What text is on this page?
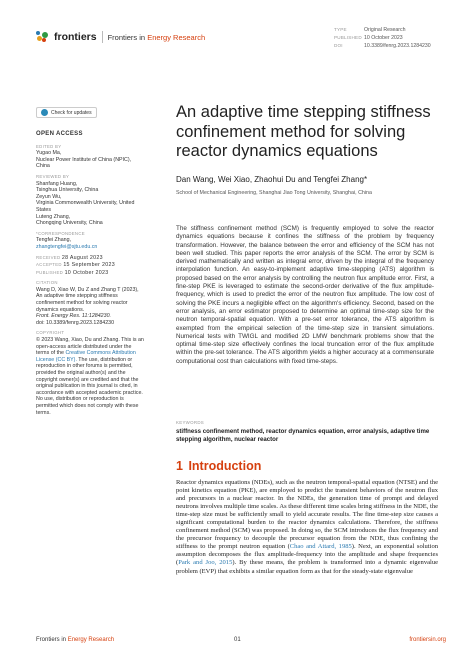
frontiers Frontiers in Energy Research
TYPE	Original Research
PUBLISHED 10 October 2023
DOI	10.3389/fenrg.2023.1284230
Check for updates
OPEN ACCESS
EDITED BY
Yugao Ma,
Nuclear Power Institute of China (NPIC), China
REVIEWED BY
Shanfang Huang,
Tsinghua University, China
Zeyun Wu,
Virginia Commonwealth University, United States
Luteng Zhang,
Chongqing University, China
*CORRESPONDENCE
Tengfei Zhang,
zhangtengfei@sjtu.edu.cn
RECEIVED 28 August 2023
ACCEPTED 15 September 2023
PUBLISHED 10 October 2023
CITATION
Wang D, Xiao W, Du Z and Zhang T (2023), An adaptive time stepping stiffness confinement method for solving reactor dynamics equations.
Front. Energy Res. 11:1284230.
doi: 10.3389/fenrg.2023.1284230
COPYRIGHT
© 2023 Wang, Xiao, Du and Zhang. This is an open-access article distributed under the terms of the Creative Commons Attribution License (CC BY). The use, distribution or reproduction in other forums is permitted, provided the original author(s) and the copyright owner(s) are credited and that the original publication in this journal is cited, in accordance with accepted academic practice. No use, distribution or reproduction is permitted which does not comply with these terms.
An adaptive time stepping stiffness confinement method for solving reactor dynamics equations
Dan Wang, Wei Xiao, Zhaohui Du and Tengfei Zhang*
School of Mechanical Engineering, Shanghai Jiao Tong University, Shanghai, China

The stiffness confinement method (SCM) is frequently employed to solve the reactor dynamics equations because it confines the stiffness of the problem by frequency transformation. However, the balance between the error and efficiency of the SCM has not been well studied. This paper reports the error analysis of the SCM. The error by SCM is derived mathematically and written as integral error, driven by the integral of the frequency interpolation function. An easy-to-implement adaptive time-stepping (ATS) algorithm is proposed based on the error analysis by controlling the neutron flux amplitude error. First, a fine-step PKE is leveraged to estimate the second-order derivative of the flux amplitude-frequency, which is used to predict the error of the neutron flux amplitude. The low cost of solving the PKE incurs a negligible effect on the algorithm's efficiency. Second, based on the error analysis, an error estimator proposed to determine an optimal time-step size for the neutron temporal-spatial equation. With a pre-set error tolerance, the ATS algorithm is exempted from the empirical selection of the time-step size in transient simulations. Numerical tests with TWIGL and modified 2D LMW benchmark problems show that the optimal time-step size effectively confines the local truncation error of the flux amplitude within the pre-set tolerance. The ATS algorithm yields a higher accuracy at a commensurate computational cost than calculations with fixed time-steps.

KEYWORDS
stiffness confinement method, reactor dynamics equation, error analysis, adaptive time stepping algorithm, nuclear reactor
1 Introduction

Reactor dynamics equations (NDEs), such as the neutron temporal-spatial equation (NTSE) and the point kinetics equation (PKE), are employed to predict the transient behaviors of the neutron flux and precursors in a nuclear reactor. In the NDEs, the generation time of prompt and delayed neutrons involves multiple time scales. As these different time scales bring stiffness in the NDE, the time-step size must be sufficiently small to yield accurate results. The fine time-step size causes a significant computational burden to the reactor dynamics calculations. Therefore, the stiffness confinement method (SCM) was proposed. In doing so, the SCM introduces the flux frequency and the precursor frequency to decouple the precursor equation from the NDE, thus confining the stiffness to the prompt neutron equation (Chao and Attard, 1985). Next, an exponential solution assumption decomposes the flux amplitude-frequency into the amplitude and shape frequencies (Park and Joo, 2015). By these means, the problem is transformed into a dynamic eigenvalue problem (EVP) that exhibits a similar equation form as that for the steady-state eigenvalue

Frontiers in Energy Research	01	frontiersin.org
